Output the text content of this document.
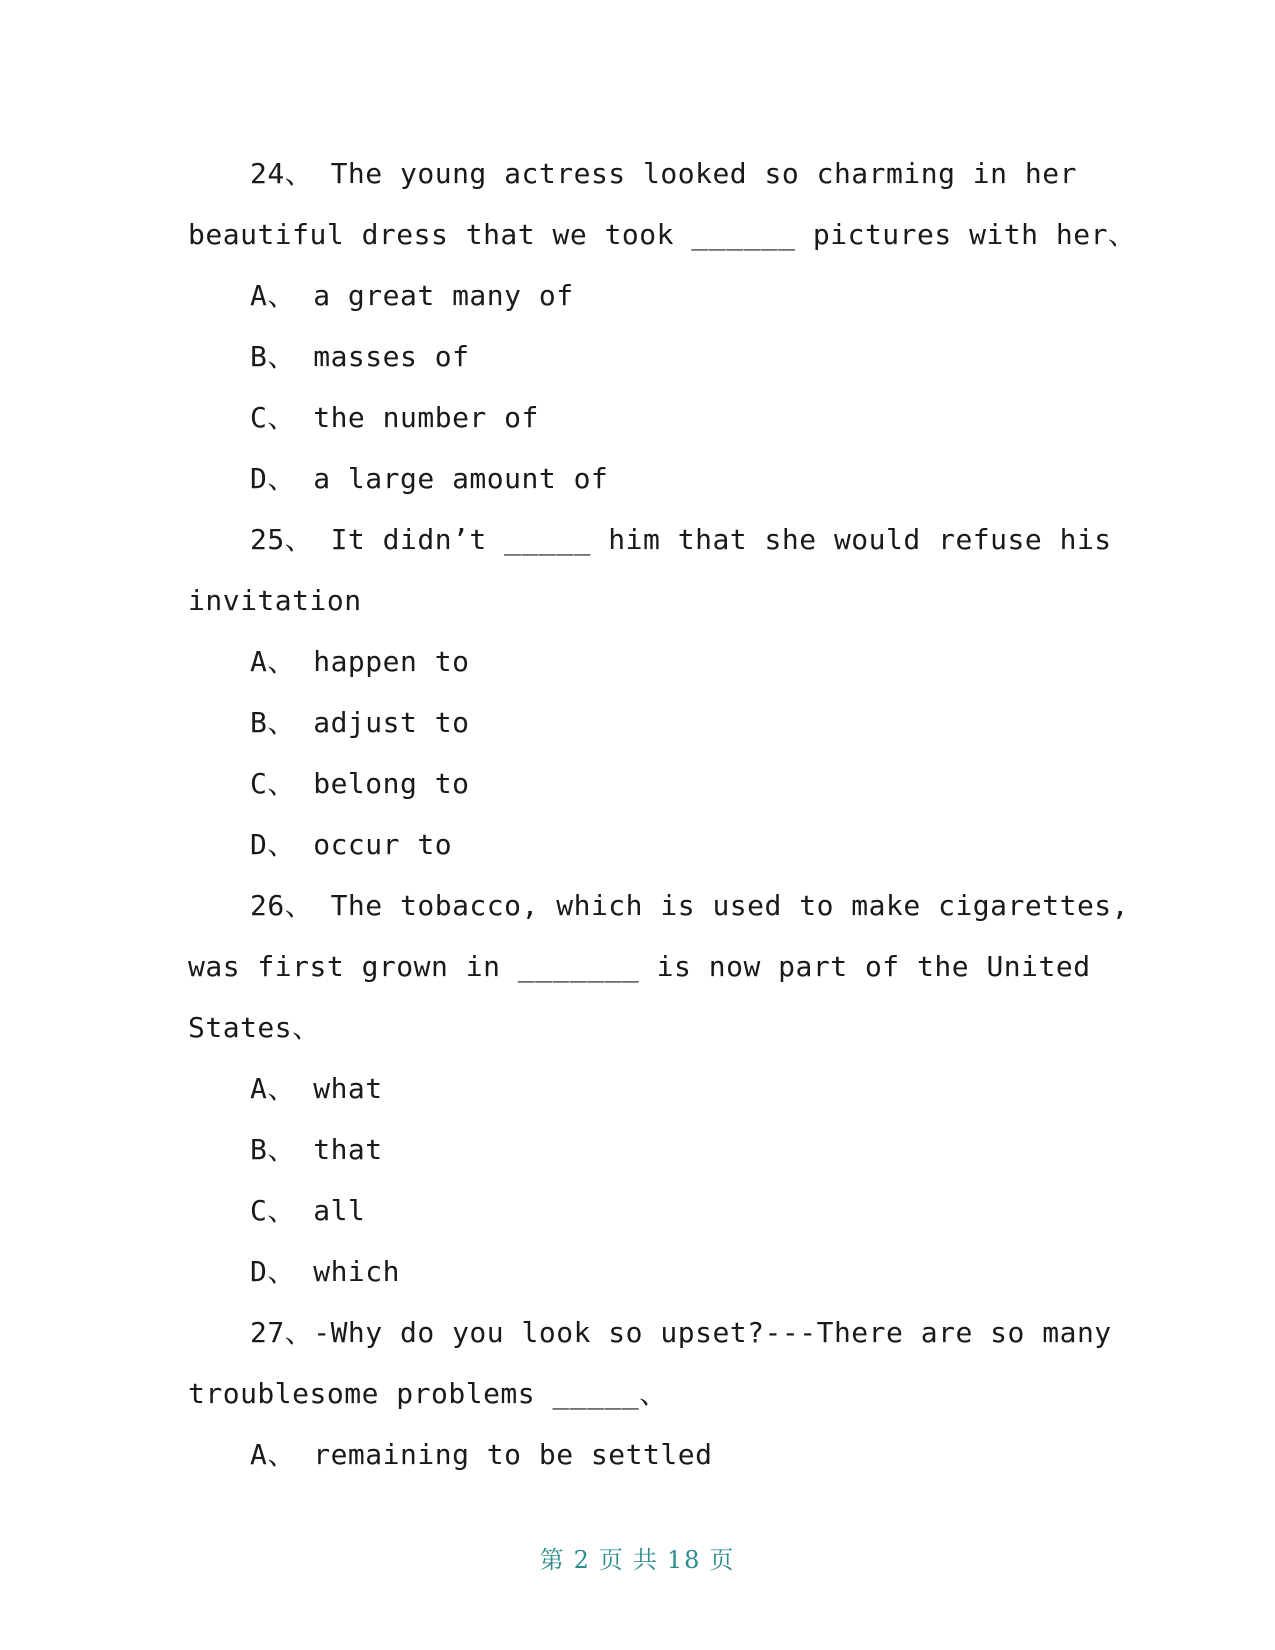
24、 The young actress looked so charming in her
beautiful dress that we took ______ pictures with her、
A、 a great many of
B、 masses of
C、 the number of
D、 a large amount of
25、 It didn’t _____ him that she would refuse his
invitation
A、 happen to
B、 adjust to
C、 belong to
D、 occur to
26、 The tobacco, which is used to make cigarettes,
was first grown in _______ is now part of the United
States、
A、 what
B、 that
C、 all
D、 which
27、-Why do you look so upset?---There are so many
troublesome problems _____、
A、 remaining to be settled
第 2 页 共 18 页
